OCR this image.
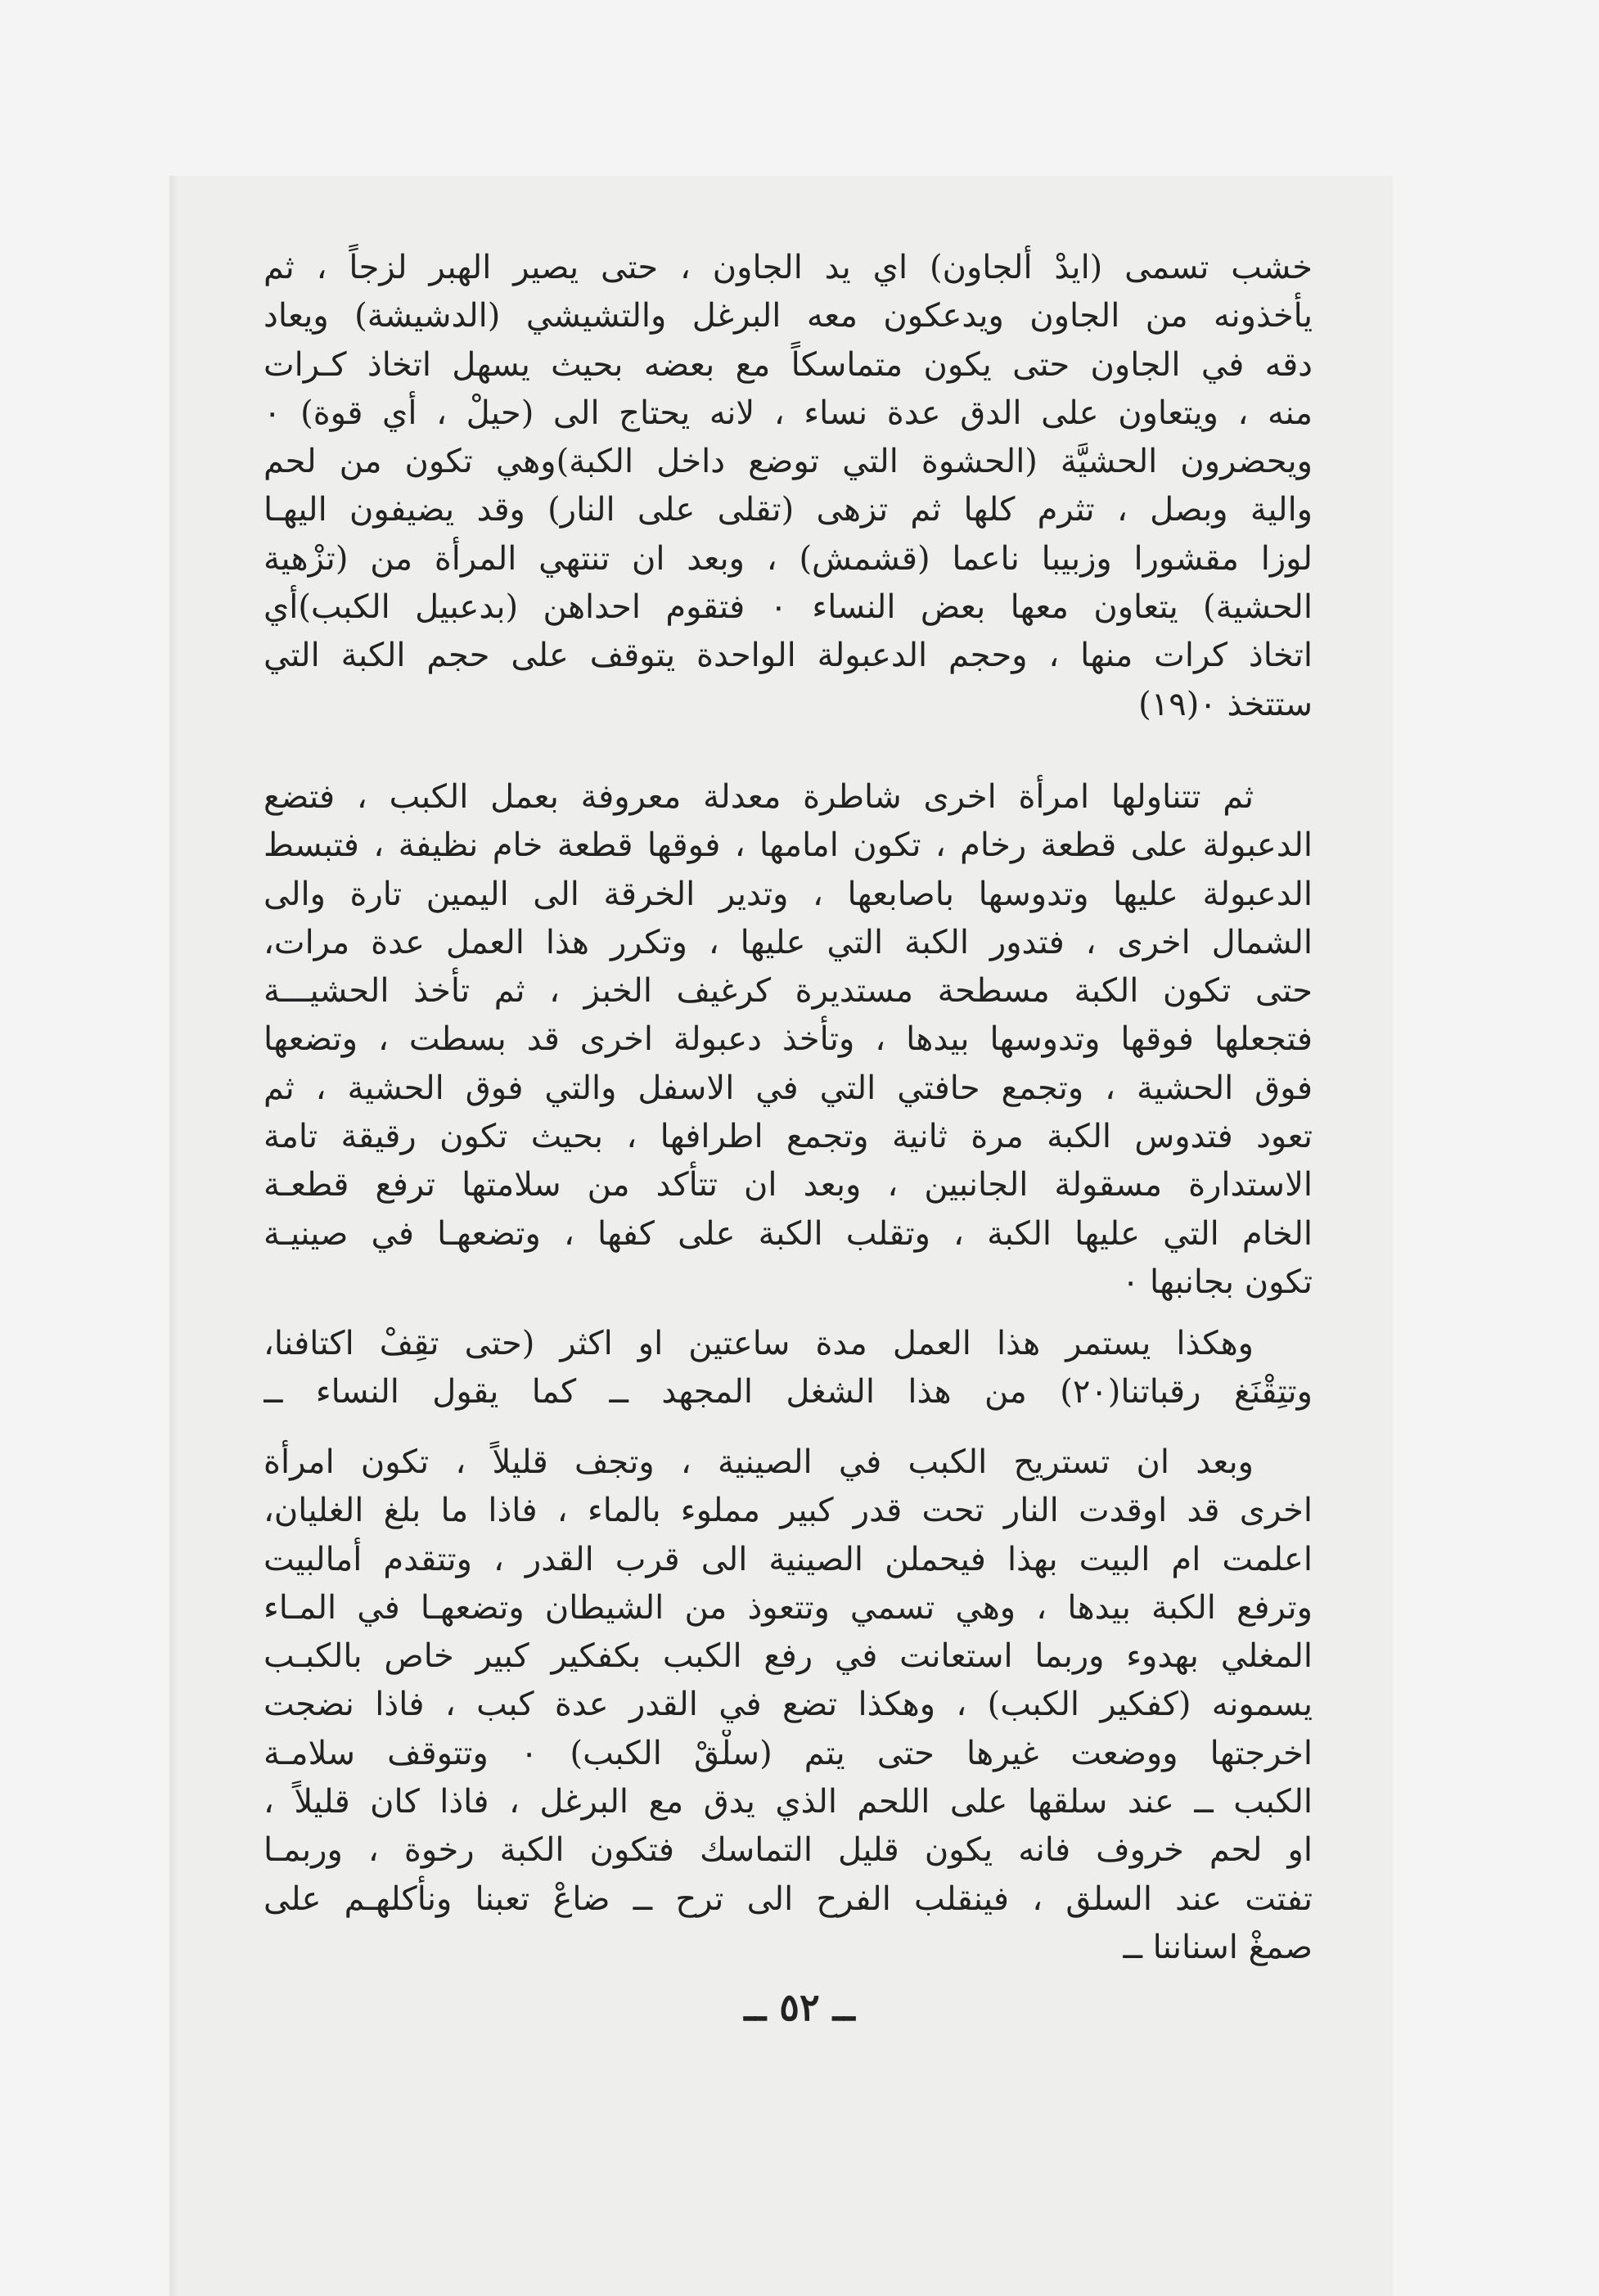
خشب تسمى (ايدْ ألجاون) اي يد الجاون ، حتى يصير الهبر لزجاً ، ثم
يأخذونه من الجاون ويدعكون معه البرغل والتشيشي (الدشيشة) ويعاد
دقه في الجاون حتى يكون متماسكاً مع بعضه بحيث يسهل اتخاذ كـرات
منه ، ويتعاون على الدق عدة نساء ، لانه يحتاج الى (حيلْ ، أي قوة) ٠
ويحضرون الحشيَّة (الحشوة التي توضع داخل الكبة)وهي تكون من لحم
والية وبصل ، تثرم كلها ثم تزهى (تقلى على النار) وقد يضيفون اليهـا
لوزا مقشورا وزبيبا ناعما (قشمش) ، وبعد ان تنتهي المرأة من (تزْهية
الحشية) يتعاون معها بعض النساء ٠ فتقوم احداهن (بدعبيل الكبب)أي
اتخاذ كرات منها ، وحجم الدعبولة الواحدة يتوقف على حجم الكبة التي
ستتخذ ٠(١٩)

ثم تتناولها امرأة اخرى شاطرة معدلة معروفة بعمل الكبب ، فتضع
الدعبولة على قطعة رخام ، تكون امامها ، فوقها قطعة خام نظيفة ، فتبسط
الدعبولة عليها وتدوسها باصابعها ، وتدير الخرقة الى اليمين تارة والى
الشمال اخرى ، فتدور الكبة التي عليها ، وتكرر هذا العمل عدة مرات،
حتى تكون الكبة مسطحة مستديرة كرغيف الخبز ، ثم تأخذ الحشيـــة
فتجعلها فوقها وتدوسها بيدها ، وتأخذ دعبولة اخرى قد بسطت ، وتضعها
فوق الحشية ، وتجمع حافتي التي في الاسفل والتي فوق الحشية ، ثم
تعود فتدوس الكبة مرة ثانية وتجمع اطرافها ، بحيث تكون رقيقة تامة
الاستدارة مسقولة الجانبين ، وبعد ان تتأكد من سلامتها ترفع قطعـة
الخام التي عليها الكبة ، وتقلب الكبة على كفها ، وتضعهـا في صينيـة
تكون بجانبها ٠

وهكذا يستمر هذا العمل مدة ساعتين او اكثر (حتى تقِفْ اكتافنا،
وتتِقْنَغ رقباتنا(٢٠) من هذا الشغل المجهد ــ كما يقول النساء ــ

وبعد ان تستريح الكبب في الصينية ، وتجف قليلاً ، تكون امرأة
اخرى قد اوقدت النار تحت قدر كبير مملوء بالماء ، فاذا ما بلغ الغليان،
اعلمت ام البيت بهذا فيحملن الصينية الى قرب القدر ، وتتقدم أمالبيت
وترفع الكبة بيدها ، وهي تسمي وتتعوذ من الشيطان وتضعهـا في المـاء
المغلي بهدوء وربما استعانت في رفع الكبب بكفكير كبير خاص بالكبـب
يسمونه (كفكير الكبب) ، وهكذا تضع في القدر عدة كبب ، فاذا نضجت
اخرجتها ووضعت غيرها حتى يتم (سلْقْ الكبب) ٠ وتتوقف سلامـة
الكبب ــ عند سلقها على اللحم الذي يدق مع البرغل ، فاذا كان قليلاً ،
او لحم خروف فانه يكون قليل التماسك فتكون الكبة رخوة ، وربمـا
تفتت عند السلق ، فينقلب الفرح الى ترح ــ ضاعْ تعبنا ونأكلهـم على
صمغْ اسناننا ــ

ــ ٥٢ ــ
